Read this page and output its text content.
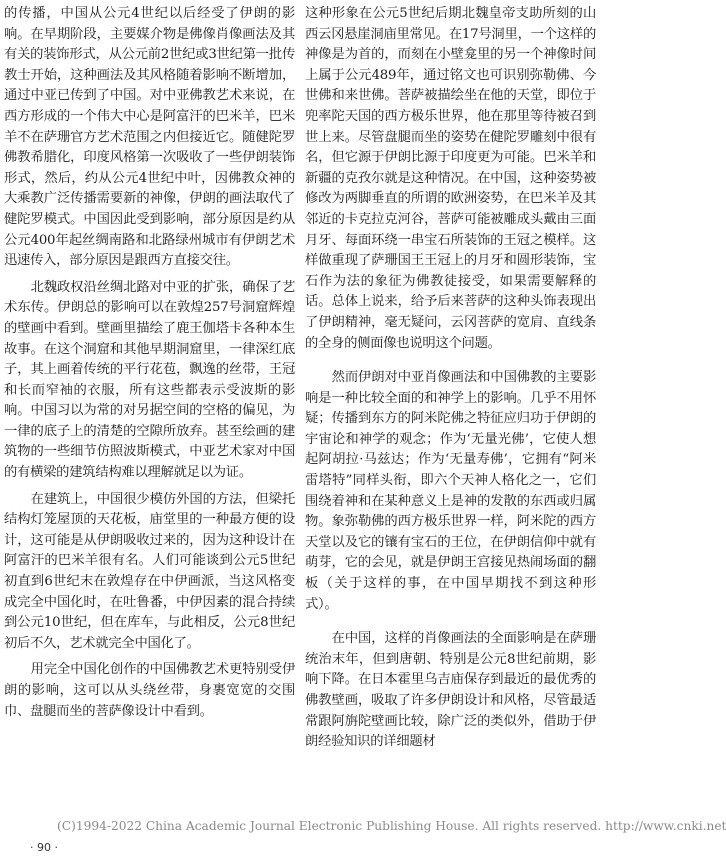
的传播，中国从公元4世纪以后经受了伊朗的影响。在早期阶段，主要媒介物是佛像肖像画法及其有关的装饰形式，从公元前2世纪或3世纪第一批传教士开始，这种画法及其风格随着影响不断增加，通过中亚已传到了中国。对中亚佛教艺术来说，在西方形成的一个伟大中心是阿富汗的巴米羊，巴米羊不在萨珊官方艺术范围之内但接近它。随健陀罗佛教希腊化，印度风格第一次吸收了一些伊朗装饰形式，然后，约从公元4世纪中叶，因佛教众神的大乘教广泛传播需要新的神像，伊朗的画法取代了健陀罗模式。中国因此受到影响，部分原因是约从公元400年起丝绸南路和北路绿州城市有伊朗艺术迅速传入，部分原因是跟西方直接交往。

北魏政权沿丝绸北路对中亚的扩张，确保了艺术东传。伊朗总的影响可以在敦煌257号洞窟辉煌的壁画中看到。壁画里描绘了鹿王伽塔卡各种本生故事。在这个洞窟和其他早期洞窟里，一律深红底子，其上画着传统的平行花苞，飘逸的丝带，王冠和长而窄袖的衣服，所有这些都表示受波斯的影响。中国习以为常的对另据空间的空格的偏见，为一律的底子上的清楚的空隙所放弃。甚至绘画的建筑物的一些细节仿照波斯模式，中亚艺术家对中国的有横梁的建筑结构难以理解就足以为证。

在建筑上，中国很少模仿外国的方法，但梁托结构灯笼屋顶的天花板，庙堂里的一种最方便的设计，这可能是从伊朗吸收过来的，因为这种设计在阿富汗的巴米羊很有名。人们可能谈到公元5世纪初直到6世纪末在敦煌存在中伊画派，当这风格变成完全中国化时，在吐鲁番，中伊因素的混合持续到公元10世纪，但在库车，与此相反，公元8世纪初后不久，艺术就完全中国化了。

用完全中国化创作的中国佛教艺术更特别受伊朗的影响，这可以从头绕丝带，身裹宽宽的交围巾、盘腿而坐的菩萨像设计中看到。

这种形象在公元5世纪后期北魏皇帝支助所刻的山西云冈悬崖洞庙里常见。在17号洞里，一个这样的神像是为首的，而刻在小壁龛里的另一个神像时间上属于公元489年，通过铭文也可识别弥勒佛、今世佛和来世佛。菩萨被描绘坐在他的天堂，即位于兜率陀天国的西方极乐世界，他在那里等待被召到世上来。尽管盘腿而坐的姿势在健陀罗雕刻中很有名，但它源于伊朗比源于印度更为可能。巴米羊和新疆的克孜尔就是这种情况。在中国，这种姿势被修改为两脚垂直的所谓的欧洲姿势，在巴米羊及其邻近的卡克拉克河谷，菩萨可能被雕成头戴由三面月牙、每面环绕一串宝石所装饰的王冠之模样。这样做重现了萨珊国王王冠上的月牙和圆形装饰，宝石作为法的象征为佛教徒接受，如果需要解释的话。总体上说来，给予后来菩萨的这种头饰表现出了伊朗精神，毫无疑问，云冈菩萨的宽肩、直线条的全身的侧面像也说明这个问题。

然而伊朗对中亚肖像画法和中国佛教的主要影响是一种比较全面的和神学上的影响。几乎不用怀疑；传播到东方的阿米陀佛之特征应归功于伊朗的宇宙论和神学的观念；作为‘无量光佛’，它使人想起阿胡拉·马兹达；作为‘无量寿佛’，它拥有“阿米雷塔特”同样头衔，即六个天神人格化之一，它们围绕着神和在某种意义上是神的发散的东西或归属物。象弥勒佛的西方极乐世界一样，阿米陀的西方天堂以及它的镶有宝石的王位，在伊朗信仰中就有萌芽，它的会见，就是伊朗王宫接见热闹场面的翻板（关于这样的事，在中国早期找不到这种形式）。

在中国，这样的肖像画法的全面影响是在萨珊统治末年，但到唐朝、特别是公元8世纪前期，影响下降。在日本霍里乌吉庙保存到最近的最优秀的佛教壁画，吸取了许多伊朗设计和风格，尽管最适常跟阿旃陀壁画比较，除广泛的类似外，借助于伊朗经验知识的详细题材

· 90 ·
(C)1994-2022 China Academic Journal Electronic Publishing House. All rights reserved. http://www.cnki.net
